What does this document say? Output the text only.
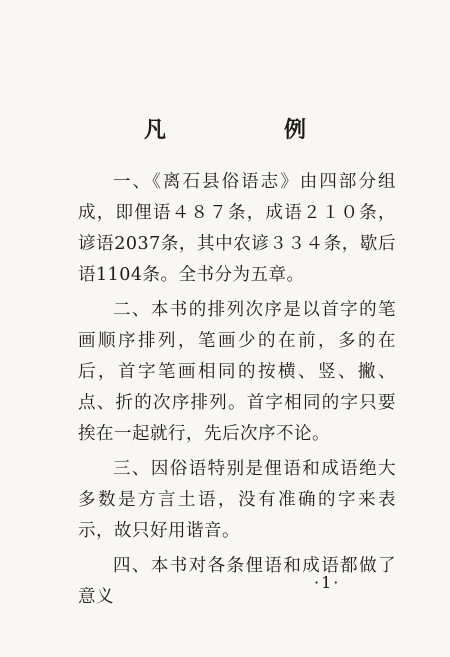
凡　例

一、《离石县俗语志》由四部分组成，即俚语４８７条，成语２１０条，谚语2037条，其中农谚３３４条，歇后语1104条。全书分为五章。

二、本书的排列次序是以首字的笔画顺序排列，笔画少的在前，多的在后，首字笔画相同的按横、竖、撇、点、折的次序排列。首字相同的字只要挨在一起就行，先后次序不论。

三、因俗语特别是俚语和成语绝大多数是方言土语，没有准确的字来表示，故只好用谐音。

四、本书对各条俚语和成语都做了意义

·1·
